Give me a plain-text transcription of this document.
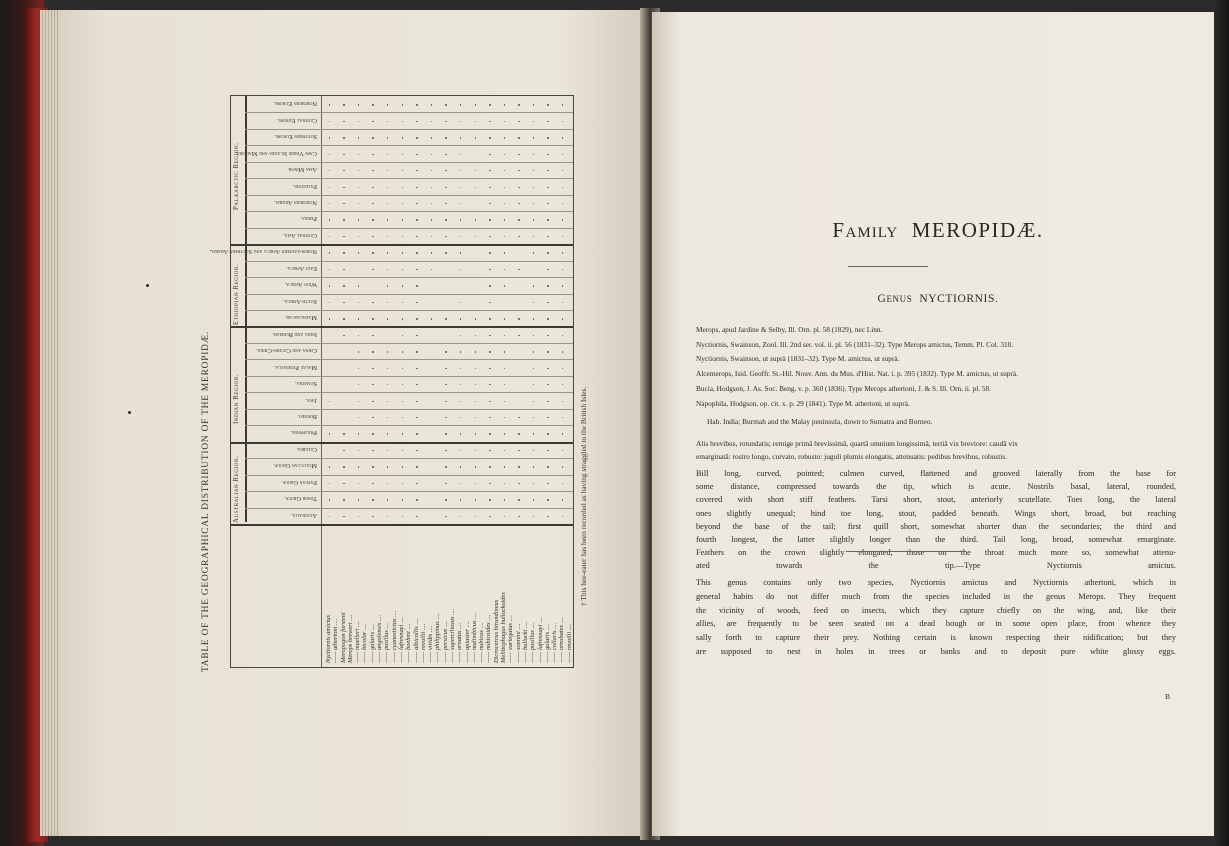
TABLE OF THE GEOGRAPHICAL DISTRIBUTION OF THE MEROPIDÆ.	† This bee-eater has been recorded as having straggled to the British Isles.
Northern Europe.
Central Europe.
Southern Europe.
Cape Verde Islands and Madeira.
Asia Minor.
Palestine.
Northern Arabia.
Persia.
Central Asia.
North-eastern Africa and Southern Arabia.
East Africa.
West Africa.
South Africa.
Madagascar.
India and Burmah.
China and Cochin-China.
Malay Peninsula.
Sumatra.
Java.
Borneo.
Philippines.
Celebes.
Moluccan Group.
Papuan Group.
Timor Group.
Australia.
Palæarctic Region.
Ethiopian Region.
Indian Region.
Australian Region.
Nyctiornis amictus —— athertoni .... Meropogon forsteni Merops breweri .... —— muelleri .... —— bicolor .... —— gularis .... —— angolensis .... —— pusillus .... —— cyanostictus .... —— lafresnayi .... —— boehmi .... —— albicollis .... —— revoilii .... —— viridis .... —— philippinus .... —— persicus .... —— superciliosus .... —— ornatus .... —— apiaster .... —— malimbicus .... —— nubicus .... —— nubicoides .... Dicrocercus hirundineus Melittophagus bullockoides —— variegatus .... —— sonnini .... —— bullocki .... —— pusillus .... —— lafresnayi .... —— gularis .... —— collaris .... —— oreobates .... —— revoilii ....
FAMILY MEROPIDÆ.
GENUS NYCTIORNIS.
Merops, apud Jardine & Selby, Ill. Orn. pl. 58 (1829), nec Linn.
Nyctiornis, Swainson, Zool. Ill. 2nd ser. vol. ii. pl. 56 (1831–32). Type Merops amictus, Temm. Pl. Col. 310.
Nyctiornis, Swainson, ut suprà (1831–32). Type M. amictus, ut suprà.
Alcemerops, Isid. Geoffr. St.-Hil. Nouv. Ann. du Mus. d'Hist. Nat. i. p. 395 (1832). Type M. amictus, ut suprà.
Bucia, Hodgson, J. As. Soc. Beng. v. p. 360 (1836). Type Merops athertoni, J. & S. Ill. Orn. ii. pl. 58.
Napophila, Hodgson, op. cit. x. p. 29 (1841). Type M. athertoni, ut suprà.
Hab. India; Burmah and the Malay peninsula, down to Sumatra and Borneo.
Alis brevibus, rotundatis; remige primâ brevissimâ, quartâ omnium longissimâ, tertiâ vix breviore: caudâ vix
emarginatâ: rostro longo, curvato, robusto: juguli plumis elongatis, attenuatis: pedibus brevibus, robustis.
Bill long, curved, pointed; culmen curved, flattened and grooved laterally from the base for
some distance, compressed towards the tip, which is acute. Nostrils basal, lateral, rounded,
covered with short stiff feathers. Tarsi short, stout, anteriorly scutellate. Toes long, the lateral
ones slightly unequal; hind toe long, stout, padded beneath. Wings short, broad, but reaching
beyond the base of the tail; first quill short, somewhat shorter than the secondaries; the third and
fourth longest, the latter slightly longer than the third. Tail long, broad, somewhat emarginate.
Feathers on the crown slightly elongated, those on the throat much more so, somewhat attenu-
ated towards the tip.—Type Nyctiornis amictus.
This genus contains only two species, Nyctiornis amictus and Nyctiornis athertoni, which in
general habits do not differ much from the species included in the genus Merops. They frequent
the vicinity of woods, feed on insects, which they capture chiefly on the wing, and, like their
allies, are frequently to be seen seated on a dead bough or in some open place, from whence they
sally forth to capture their prey. Nothing certain is known respecting their nidification; but they
are supposed to nest in holes in trees or banks and to deposit pure white glossy eggs.
B
